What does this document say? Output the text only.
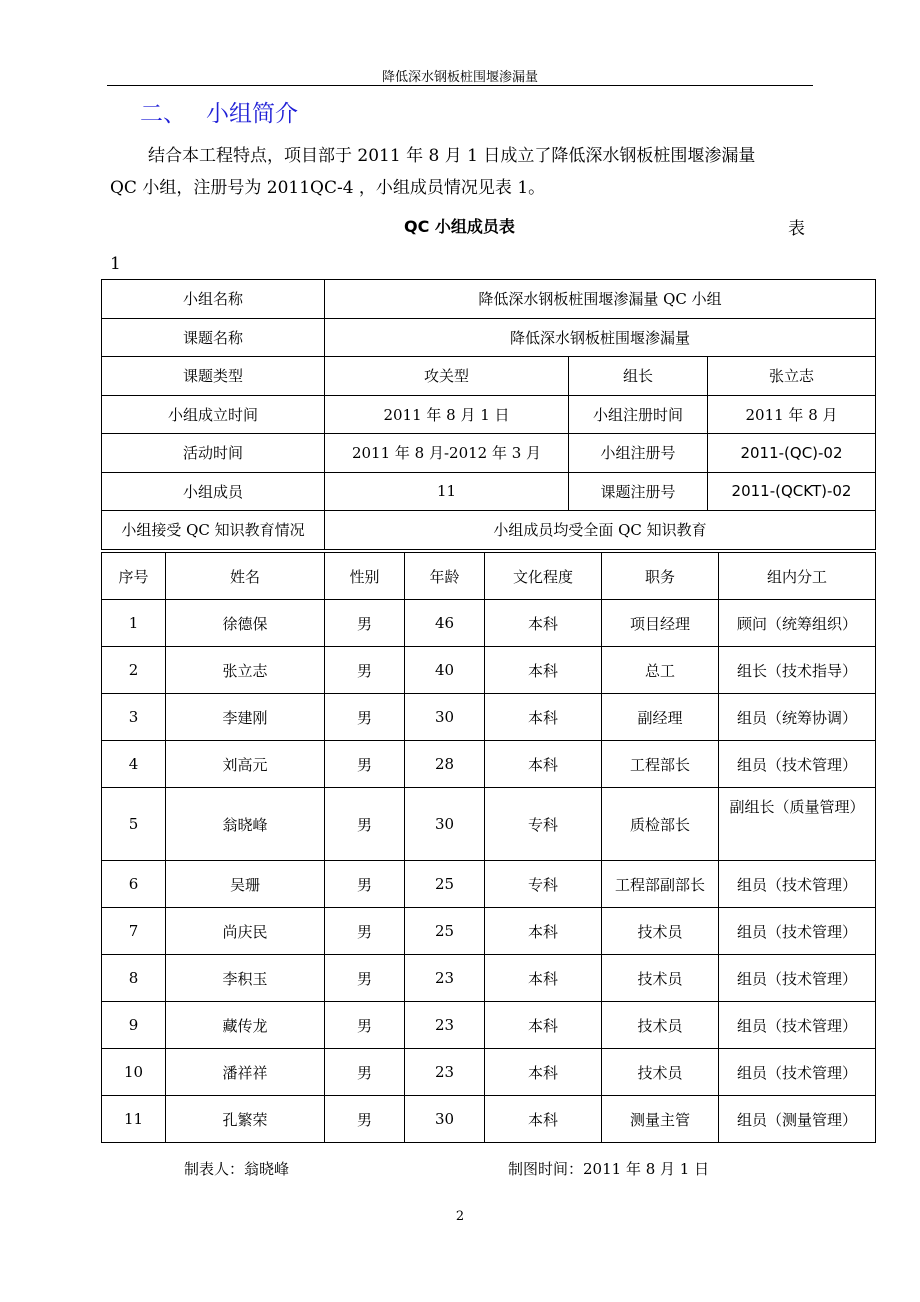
降低深水钢板桩围堰渗漏量
二、 小组简介
结合本工程特点，项目部于 2011 年 8 月 1 日成立了降低深水钢板桩围堰渗漏量
QC 小组，注册号为 2011QC-4 ，小组成员情况见表 1。
QC 小组成员表	表
1
小组名称	降低深水钢板桩围堰渗漏量 QC 小组		
课题名称	降低深水钢板桩围堰渗漏量		
课题类型	攻关型	组长	张立志
小组成立时间	2011 年 8 月 1 日	小组注册时间	2011 年 8 月
活动时间	2011 年 8 月-2012 年 3 月	小组注册号	2011-(QC)-02
小组成员	11	课题注册号	2011-(QCKT)-02
小组接受 QC 知识教育情况	小组成员均受全面 QC 知识教育		
序号	姓名	性别	年龄	文化程度	职务	组内分工
1	徐德保	男	46	本科	项目经理	顾问（统筹组织）
2	张立志	男	40	本科	总工	组长（技术指导）
3	李建刚	男	30	本科	副经理	组员（统筹协调）
4	刘高元	男	28	本科	工程部长	组员（技术管理）
5	翁晓峰	男	30	专科	质检部长	副组长（质量管理）
6	吴珊	男	25	专科	工程部副部长	组员（技术管理）
7	尚庆民	男	25	本科	技术员	组员（技术管理）
8	李积玉	男	23	本科	技术员	组员（技术管理）
9	藏传龙	男	23	本科	技术员	组员（技术管理）
10	潘祥祥	男	23	本科	技术员	组员（技术管理）
11	孔繁荣	男	30	本科	测量主管	组员（测量管理）
制表人：翁晓峰	制图时间：2011 年 8 月 1 日
2
